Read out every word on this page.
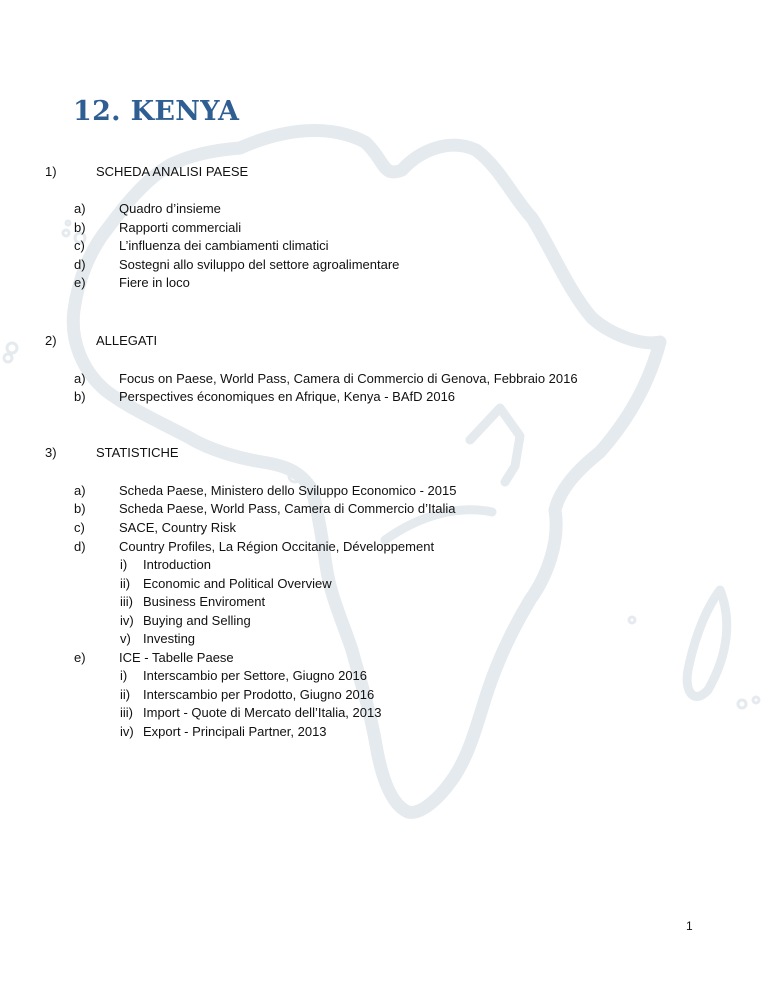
12. KENYA
1)	SCHEDA ANALISI PAESE
a)	Quadro d’insieme
b)	Rapporti commerciali
c)	L’influenza dei cambiamenti climatici
d)	Sostegni allo sviluppo del settore agroalimentare
e)	Fiere in loco
2)	ALLEGATI
a)	Focus on Paese, World Pass, Camera di Commercio di Genova, Febbraio 2016
b)	Perspectives économiques en Afrique, Kenya - BAfD 2016
3)	STATISTICHE
a)	Scheda Paese, Ministero dello Sviluppo Economico - 2015
b)	Scheda Paese, World Pass, Camera di Commercio d’Italia
c)	SACE, Country Risk
d)	Country Profiles, La Région Occitanie, Développement
i) Introduction
ii) Economic and Political Overview
iii) Business Enviroment
iv) Buying and Selling
v) Investing
e)	ICE - Tabelle Paese
i) Interscambio per Settore, Giugno 2016
ii) Interscambio per Prodotto, Giugno 2016
iii) Import - Quote di Mercato dell’Italia, 2013
iv) Export - Principali Partner, 2013
1
